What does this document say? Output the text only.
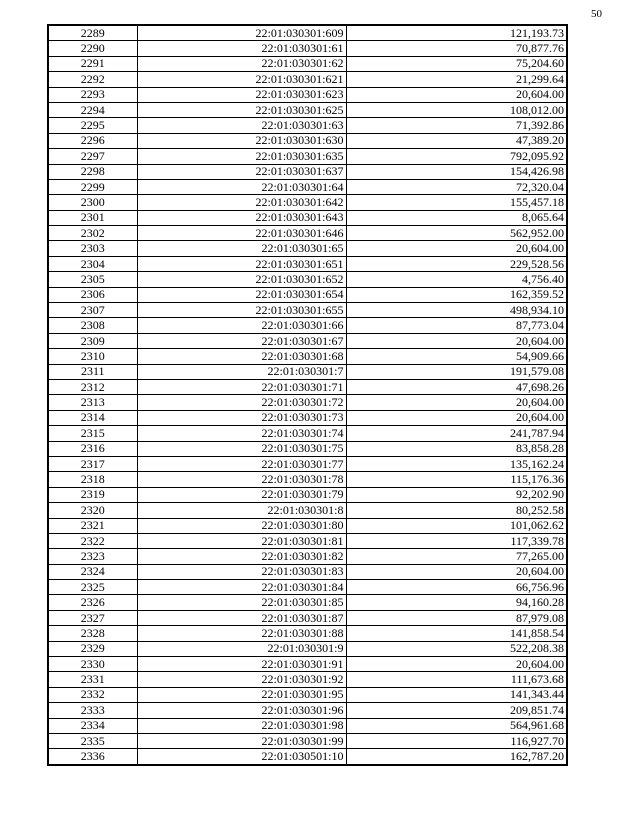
50
2289	22:01:030301:609	121,193.73
2290	22:01:030301:61	70,877.76
2291	22:01:030301:62	75,204.60
2292	22:01:030301:621	21,299.64
2293	22:01:030301:623	20,604.00
2294	22:01:030301:625	108,012.00
2295	22:01:030301:63	71,392.86
2296	22:01:030301:630	47,389.20
2297	22:01:030301:635	792,095.92
2298	22:01:030301:637	154,426.98
2299	22:01:030301:64	72,320.04
2300	22:01:030301:642	155,457.18
2301	22:01:030301:643	8,065.64
2302	22:01:030301:646	562,952.00
2303	22:01:030301:65	20,604.00
2304	22:01:030301:651	229,528.56
2305	22:01:030301:652	4,756.40
2306	22:01:030301:654	162,359.52
2307	22:01:030301:655	498,934.10
2308	22:01:030301:66	87,773.04
2309	22:01:030301:67	20,604.00
2310	22:01:030301:68	54,909.66
2311	22:01:030301:7	191,579.08
2312	22:01:030301:71	47,698.26
2313	22:01:030301:72	20,604.00
2314	22:01:030301:73	20,604.00
2315	22:01:030301:74	241,787.94
2316	22:01:030301:75	83,858.28
2317	22:01:030301:77	135,162.24
2318	22:01:030301:78	115,176.36
2319	22:01:030301:79	92,202.90
2320	22:01:030301:8	80,252.58
2321	22:01:030301:80	101,062.62
2322	22:01:030301:81	117,339.78
2323	22:01:030301:82	77,265.00
2324	22:01:030301:83	20,604.00
2325	22:01:030301:84	66,756.96
2326	22:01:030301:85	94,160.28
2327	22:01:030301:87	87,979.08
2328	22:01:030301:88	141,858.54
2329	22:01:030301:9	522,208.38
2330	22:01:030301:91	20,604.00
2331	22:01:030301:92	111,673.68
2332	22:01:030301:95	141,343.44
2333	22:01:030301:96	209,851.74
2334	22:01:030301:98	564,961.68
2335	22:01:030301:99	116,927.70
2336	22:01:030501:10	162,787.20
